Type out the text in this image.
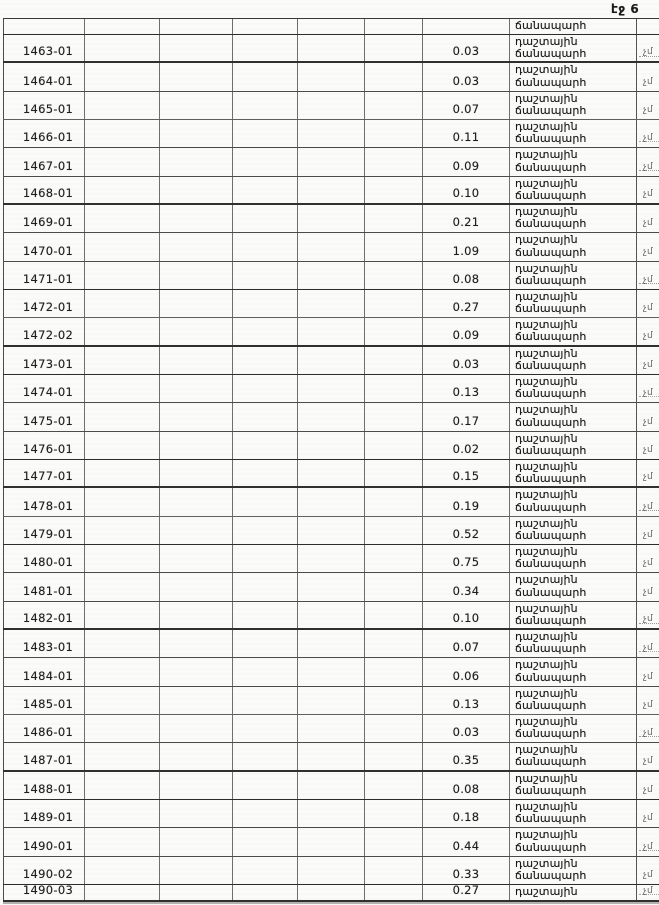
էջ 6
ճանապարհ
1463-01	0.03
դաշտային
ճանապարհ	չմ
1464-01	0.03
դաշտային
ճանապարհ	չմ
1465-01	0.07
դաշտային
ճանապարհ	չմ
1466-01	0.11
դաշտային
ճանապարհ	չմ
1467-01	0.09
դաշտային
ճանապարհ	չմ
1468-01	0.10
դաշտային
ճանապարհ	չմ
1469-01	0.21
դաշտային
ճանապարհ	չմ
1470-01	1.09
դաշտային
ճանապարհ	չմ
1471-01	0.08
դաշտային
ճանապարհ	չմ
1472-01	0.27
դաշտային
ճանապարհ	չմ
1472-02	0.09
դաշտային
ճանապարհ	չմ
1473-01	0.03
դաշտային
ճանապարհ	չմ
1474-01	0.13
դաշտային
ճանապարհ	չմ
1475-01	0.17
դաշտային
ճանապարհ	չմ
1476-01	0.02
դաշտային
ճանապարհ	չմ
1477-01	0.15
դաշտային
ճանապարհ	չմ
1478-01	0.19
դաշտային
ճանապարհ	չմ
1479-01	0.52
դաշտային
ճանապարհ	չմ
1480-01	0.75
դաշտային
ճանապարհ	չմ
1481-01	0.34
դաշտային
ճանապարհ	չմ
1482-01	0.10
դաշտային
ճանապարհ	չմ
1483-01	0.07
դաշտային
ճանապարհ	չմ
1484-01	0.06
դաշտային
ճանապարհ	չմ
1485-01	0.13
դաշտային
ճանապարհ	չմ
1486-01	0.03
դաշտային
ճանապարհ	չմ
1487-01	0.35
դաշտային
ճանապարհ	չմ
1488-01	0.08
դաշտային
ճանապարհ	չմ
1489-01	0.18
դաշտային
ճանապարհ	չմ
1490-01	0.44
դաշտային
ճանապարհ	չմ
1490-02	0.33
դաշտային
ճանապարհ	չմ
1490-03	0.27	դաշտային	չմ
